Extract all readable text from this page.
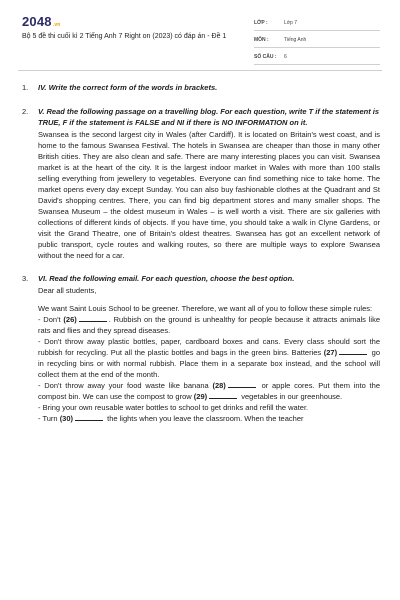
2048.vn
Bộ 5 đề thi cuối kì 2 Tiếng Anh 7 Right on (2023) có đáp án - Đề 1
LỚP :	Lớp 7
MÔN :	Tiếng Anh
SỐ CÂU :	6
1.	IV. Write the correct form of the words in brackets.

2.	V. Read the following passage on a travelling blog. For each question, write T if the statement is TRUE, F if the statement is FALSE and NI if there is NO INFORMATION on it.

Swansea is the second largest city in Wales (after Cardiff). It is located on Britain's west coast, and is home to the famous Swansea Festival. The hotels in Swansea are cheaper than those in many other British cities. They are also clean and safe. There are many interesting places you can visit. Swansea market is at the heart of the city. It is the largest indoor market in Wales with more than 100 stalls selling everything from jewellery to vegetables. Everyone can find something nice to take home. The market opens every day except Sunday. You can also buy fashionable clothes at the Quadrant and St David's shopping centres. There, you can find big department stores and many smaller shops. The Swansea Museum – the oldest museum in Wales – is well worth a visit. There are six galleries with collections of different kinds of objects. If you have time, you should take a walk in Clyne Gardens, or visit the Grand Theatre, one of Britain's oldest theatres. Swansea has got an excellent network of public transport, cycle routes and walking routes, so there are multiple ways to explore Swansea without the need for a car.

3.	VI. Read the following email. For each question, choose the best option.

Dear all students,

We want Saint Louis School to be greener. Therefore, we want all of you to follow these simple rules:

- Don't (26)	. Rubbish on the ground is unhealthy for people because it attracts animals like rats and flies and they spread diseases.

- Don't throw away plastic bottles, paper, cardboard boxes and cans. Every class should sort the rubbish for recycling. Put all the plastic bottles and bags in the green bins. Batteries (27)	go in recycling bins or with normal rubbish. Place them in a separate box instead, and the school will collect them at the end of the month.

- Don't throw away your food waste like banana (28)	or apple cores. Put them into the compost bin. We can use the compost to grow (29)	vegetables in our greenhouse.

- Bring your own reusable water bottles to school to get drinks and refill the water.

- Turn (30)	the lights when you leave the classroom. When the teacher
